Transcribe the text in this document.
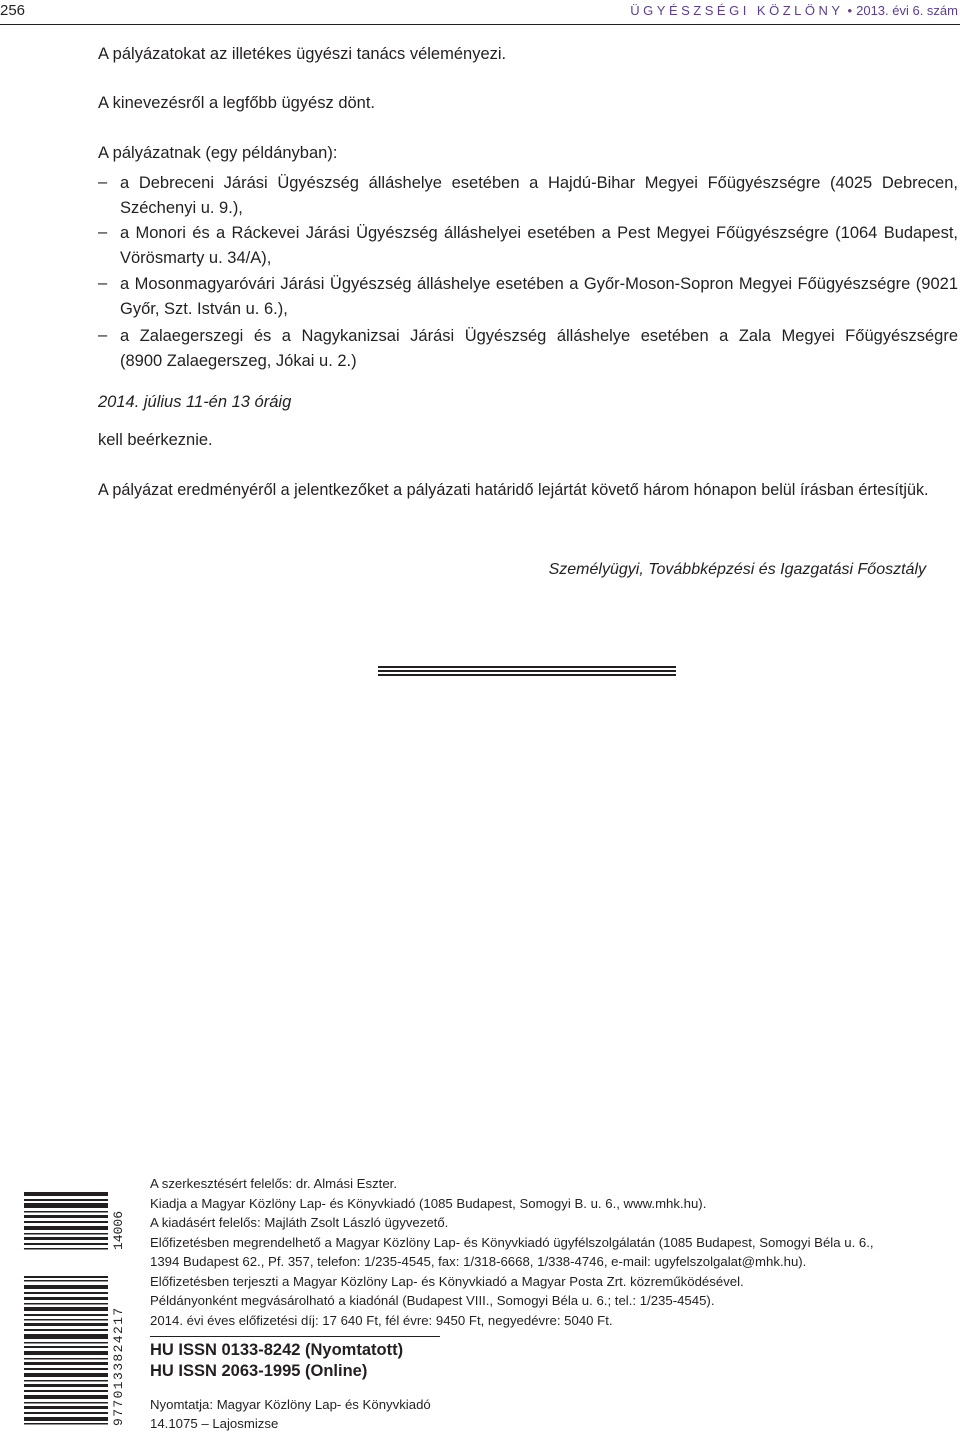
256	ÜGYÉSZSÉGI KÖZLÖNY • 2013. évi 6. szám

A pályázatokat az illetékes ügyészi tanács véleményezi.

A kinevezésről a legfőbb ügyész dönt.

A pályázatnak (egy példányban):

– a Debreceni Járási Ügyészség álláshelye esetében a Hajdú-Bihar Megyei Főügyészségre (4025 Debrecen,
Széchenyi u. 9.),
– a Monori és a Ráckevei Járási Ügyészség álláshelyei esetében a Pest Megyei Főügyészségre (1064 Budapest,
Vörösmarty u. 34/A),
– a Mosonmagyaróvári Járási Ügyészség álláshelye esetében a Győr-Moson-Sopron Megyei Főügyészségre (9021
Győr, Szt. István u. 6.),
– a Zalaegerszegi és a Nagykanizsai Járási Ügyészség álláshelye esetében a Zala Megyei Főügyészségre
(8900 Zalaegerszeg, Jókai u. 2.)

2014. július 11-én 13 óráig

kell beérkeznie.

A pályázat eredményéről a jelentkezőket a pályázati határidő lejártát követő három hónapon belül írásban értesítjük.

Személyügyi, Továbbképzési és Igazgatási Főosztály
14006
9770133824217
A szerkesztésért felelős: dr. Almási Eszter.
Kiadja a Magyar Közlöny Lap- és Könyvkiadó (1085 Budapest, Somogyi B. u. 6., www.mhk.hu).
A kiadásért felelős: Majláth Zsolt László ügyvezető.
Előfizetésben megrendelhető a Magyar Közlöny Lap- és Könyvkiadó ügyfélszolgálatán (1085 Budapest, Somogyi Béla u. 6.,
1394 Budapest 62., Pf. 357, telefon: 1/235-4545, fax: 1/318-6668, 1/338-4746, e-mail: ugyfelszolgalat@mhk.hu).
Előfizetésben terjeszti a Magyar Közlöny Lap- és Könyvkiadó a Magyar Posta Zrt. közreműködésével.
Példányonként megvásárolható a kiadónál (Budapest VIII., Somogyi Béla u. 6.; tel.: 1/235-4545).
2014. évi éves előfizetési díj: 17 640 Ft, fél évre: 9450 Ft, negyedévre: 5040 Ft.
HU ISSN 0133-8242 (Nyomtatott)
HU ISSN 2063-1995 (Online)
Nyomtatja: Magyar Közlöny Lap- és Könyvkiadó
14.1075 – Lajosmizse
